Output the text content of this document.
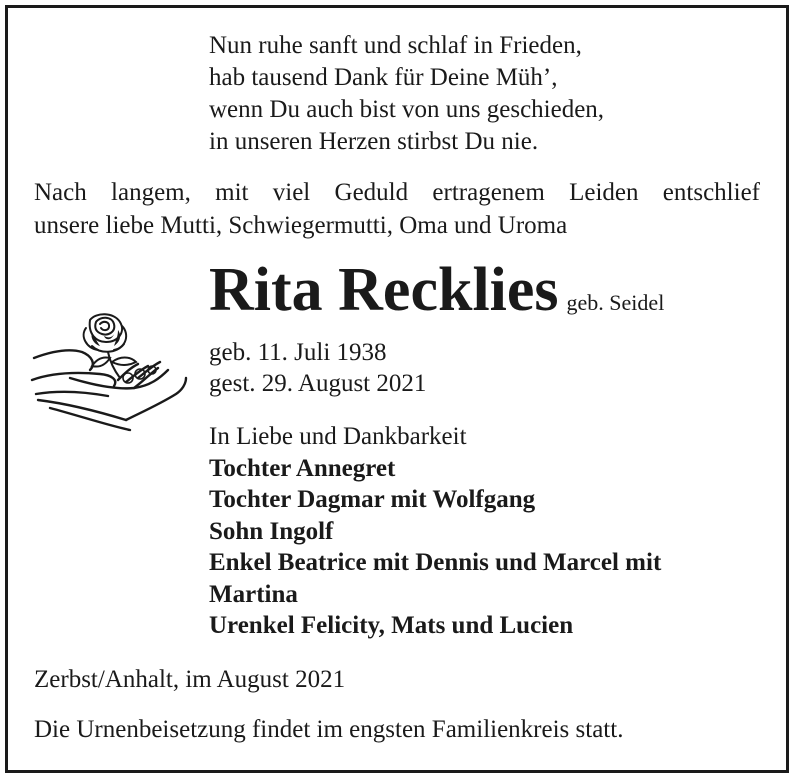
Nun ruhe sanft und schlaf in Frieden,
hab tausend Dank für Deine Müh’,
wenn Du auch bist von uns geschieden,
in unseren Herzen stirbst Du nie.
Nach langem, mit viel Geduld ertragenem Leiden entschlief
unsere liebe Mutti, Schwiegermutti, Oma und Uroma
Rita Recklies geb. Seidel
geb. 11. Juli 1938
gest. 29. August 2021
In Liebe und Dankbarkeit
Tochter Annegret
Tochter Dagmar mit Wolfgang
Sohn Ingolf
Enkel Beatrice mit Dennis und Marcel mit
Martina
Urenkel Felicity, Mats und Lucien
Zerbst/Anhalt, im August 2021
Die Urnenbeisetzung findet im engsten Familienkreis statt.
